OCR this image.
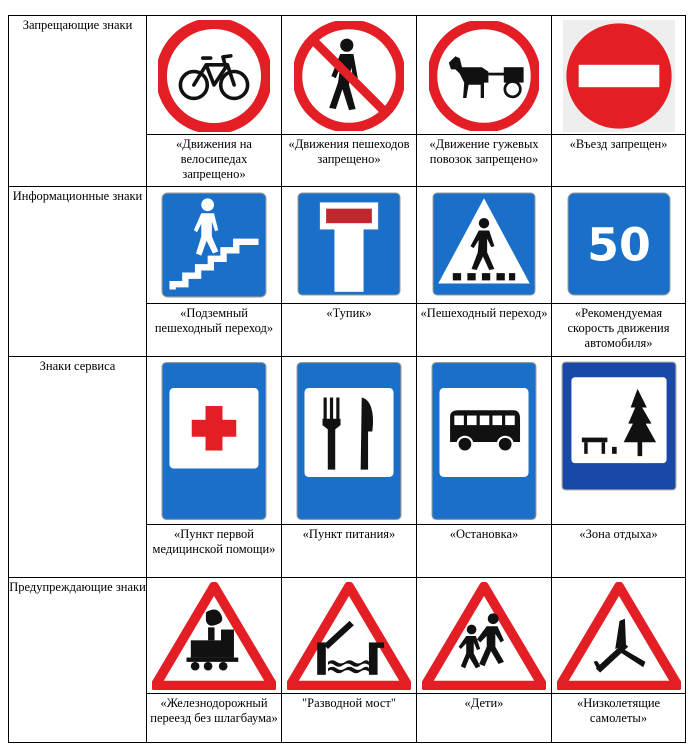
Запрещающие знаки	

	«Движения на велосипедах запрещено»	«Движения пешеходов запрещено»	«Движение гужевых повозок запрещено»	«Въезд запрещен»
Информационные знаки				50

	«Подземный пешеходный переход»	«Тупик»	«Пешеходный переход»	«Рекомендуемая скорость движения автомобиля»
Знаки сервиса	

	«Пункт первой медицинской помощи»	«Пункт питания»	«Остановка»	«Зона отдыха»
Предупреждающие знаки	

	«Железнодорожный переезд без шлагбаума»	"Разводной мост"	«Дети»	«Низколетящие самолеты»
